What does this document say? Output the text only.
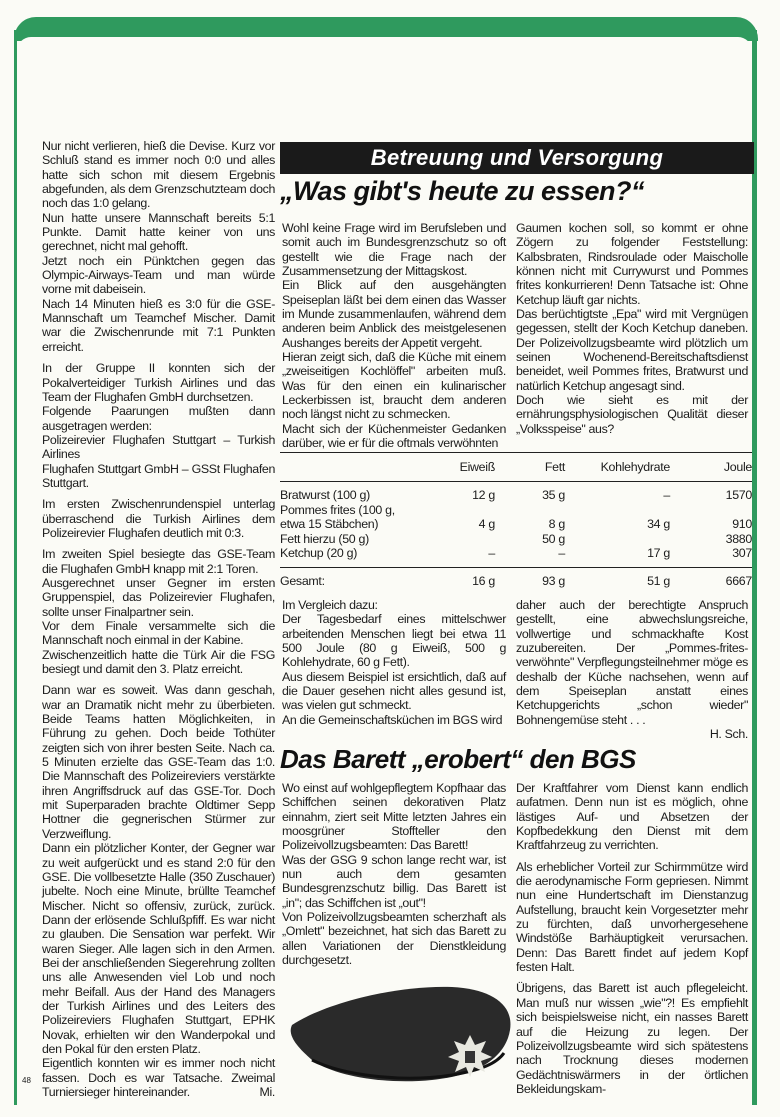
Nur nicht verlieren, hieß die Devise. Kurz vor Schluß stand es immer noch 0:0 und alles hatte sich schon mit diesem Ergebnis abgefunden, als dem Grenzschutzteam doch noch das 1:0 gelang.

Nun hatte unsere Mannschaft bereits 5:1 Punkte. Damit hatte keiner von uns gerechnet, nicht mal gehofft.

Jetzt noch ein Pünktchen gegen das Olympic-Airways-Team und man würde vorne mit dabeisein.

Nach 14 Minuten hieß es 3:0 für die GSE-Mannschaft um Teamchef Mischer. Damit war die Zwischenrunde mit 7:1 Punkten erreicht.

In der Gruppe II konnten sich der Pokalverteidiger Turkish Airlines und das Team der Flughafen GmbH durchsetzen.

Folgende Paarungen mußten dann ausgetragen werden:

Polizeirevier Flughafen Stuttgart – Turkish Airlines

Flughafen Stuttgart GmbH – GSSt Flughafen Stuttgart.

Im ersten Zwischenrundenspiel unterlag überraschend die Turkish Airlines dem Polizeirevier Flughafen deutlich mit 0:3.

Im zweiten Spiel besiegte das GSE-Team die Flughafen GmbH knapp mit 2:1 Toren.

Ausgerechnet unser Gegner im ersten Gruppenspiel, das Polizeirevier Flughafen, sollte unser Finalpartner sein.

Vor dem Finale versammelte sich die Mannschaft noch einmal in der Kabine.

Zwischenzeitlich hatte die Türk Air die FSG besiegt und damit den 3. Platz erreicht.

Dann war es soweit. Was dann geschah, war an Dramatik nicht mehr zu überbieten. Beide Teams hatten Möglichkeiten, in Führung zu gehen. Doch beide Tothüter zeigten sich von ihrer besten Seite. Nach ca. 5 Minuten erzielte das GSE-Team das 1:0. Die Mannschaft des Polizeireviers verstärkte ihren Angriffsdruck auf das GSE-Tor. Doch mit Superparaden brachte Oldtimer Sepp Hottner die gegnerischen Stürmer zur Verzweiflung.

Dann ein plötzlicher Konter, der Gegner war zu weit aufgerückt und es stand 2:0 für den GSE. Die vollbesetzte Halle (350 Zuschauer) jubelte. Noch eine Minute, brüllte Teamchef Mischer. Nicht so offensiv, zurück, zurück. Dann der erlösende Schlußpfiff. Es war nicht zu glauben. Die Sensation war perfekt. Wir waren Sieger. Alle lagen sich in den Armen. Bei der anschließenden Siegerehrung zollten uns alle Anwesenden viel Lob und noch mehr Beifall. Aus der Hand des Managers der Turkish Airlines und des Leiters des Polizeireviers Flughafen Stuttgart, EPHK Novak, erhielten wir den Wanderpokal und den Pokal für den ersten Platz.

Eigentlich konnten wir es immer noch nicht fassen. Doch es war Tatsache. Zweimal Turniersieger hintereinander.	Mi.

48
Betreuung und Versorgung
„Was gibt's heute zu essen?“

Wohl keine Frage wird im Berufsleben und somit auch im Bundesgrenzschutz so oft gestellt wie die Frage nach der Zusammensetzung der Mittagskost.

Ein Blick auf den ausgehängten Speiseplan läßt bei dem einen das Wasser im Munde zusammenlaufen, während dem anderen beim Anblick des meistgelesenen Aushanges bereits der Appetit vergeht.

Hieran zeigt sich, daß die Küche mit einem „zweiseitigen Kochlöffel" arbeiten muß. Was für den einen ein kulinarischer Leckerbissen ist, braucht dem anderen noch längst nicht zu schmecken.

Macht sich der Küchenmeister Gedanken darüber, wie er für die oftmals verwöhnten

Gaumen kochen soll, so kommt er ohne Zögern zu folgender Feststellung: Kalbsbraten, Rindsroulade oder Maischolle können nicht mit Currywurst und Pommes frites konkurrieren! Denn Tatsache ist: Ohne Ketchup läuft gar nichts.

Das berüchtigtste „Epa" wird mit Vergnügen gegessen, stellt der Koch Ketchup daneben. Der Polizeivollzugsbeamte wird plötzlich um seinen Wochenend-Bereitschaftsdienst beneidet, weil Pommes frites, Bratwurst und natürlich Ketchup angesagt sind.

Doch wie sieht es mit der ernährungsphysiologischen Qualität dieser „Volksspeise" aus?

	Eiweiß	Fett	Kohlehydrate	Joule
Bratwurst (100 g)	12 g	35 g	–	1570
Pommes frites (100 g,				
etwa 15 Stäbchen)	4 g	8 g	34 g	910
Fett hierzu (50 g)		50 g		3880
Ketchup (20 g)	–	–	17 g	307
Gesamt:	16 g	93 g	51 g	6667

Im Vergleich dazu:

Der Tagesbedarf eines mittelschwer arbeitenden Menschen liegt bei etwa 11 500 Joule (80 g Eiweiß, 500 g Kohlehydrate, 60 g Fett).

Aus diesem Beispiel ist ersichtlich, daß auf die Dauer gesehen nicht alles gesund ist, was vielen gut schmeckt.

An die Gemeinschaftsküchen im BGS wird

daher auch der berechtigte Anspruch gestellt, eine abwechslungsreiche, vollwertige und schmackhafte Kost zuzubereiten. Der „Pommes-frites-verwöhnte" Verpflegungsteilnehmer möge es deshalb der Küche nachsehen, wenn auf dem Speiseplan anstatt eines Ketchupgerichts „schon wieder" Bohnengemüse steht . . .

H. Sch.

Das Barett „erobert“ den BGS

Wo einst auf wohlgepflegtem Kopfhaar das Schiffchen seinen dekorativen Platz einnahm, ziert seit Mitte letzten Jahres ein moosgrüner Stoffteller den Polizeivollzugsbeamten: Das Barett!

Was der GSG 9 schon lange recht war, ist nun auch dem gesamten Bundesgrenzschutz billig. Das Barett ist „in"; das Schiffchen ist „out"!

Von Polizeivollzugsbeamten scherzhaft als „Omlett" bezeichnet, hat sich das Barett zu allen Variationen der Dienstkleidung durchgesetzt.

Der Kraftfahrer vom Dienst kann endlich aufatmen. Denn nun ist es möglich, ohne lästiges Auf- und Absetzen der Kopfbedekkung den Dienst mit dem Kraftfahrzeug zu verrichten.

Als erheblicher Vorteil zur Schirmmütze wird die aerodynamische Form gepriesen. Nimmt nun eine Hundertschaft im Dienstanzug Aufstellung, braucht kein Vorgesetzter mehr zu fürchten, daß unvorhergesehene Windstöße Barhäuptigkeit verursachen. Denn: Das Barett findet auf jedem Kopf festen Halt.

Übrigens, das Barett ist auch pflegeleicht. Man muß nur wissen „wie"?! Es empfiehlt sich beispielsweise nicht, ein nasses Barett auf die Heizung zu legen. Der Polizeivollzugsbeamte wird sich spätestens nach Trocknung dieses modernen Gedächtniswärmers in der örtlichen Bekleidungskam-
